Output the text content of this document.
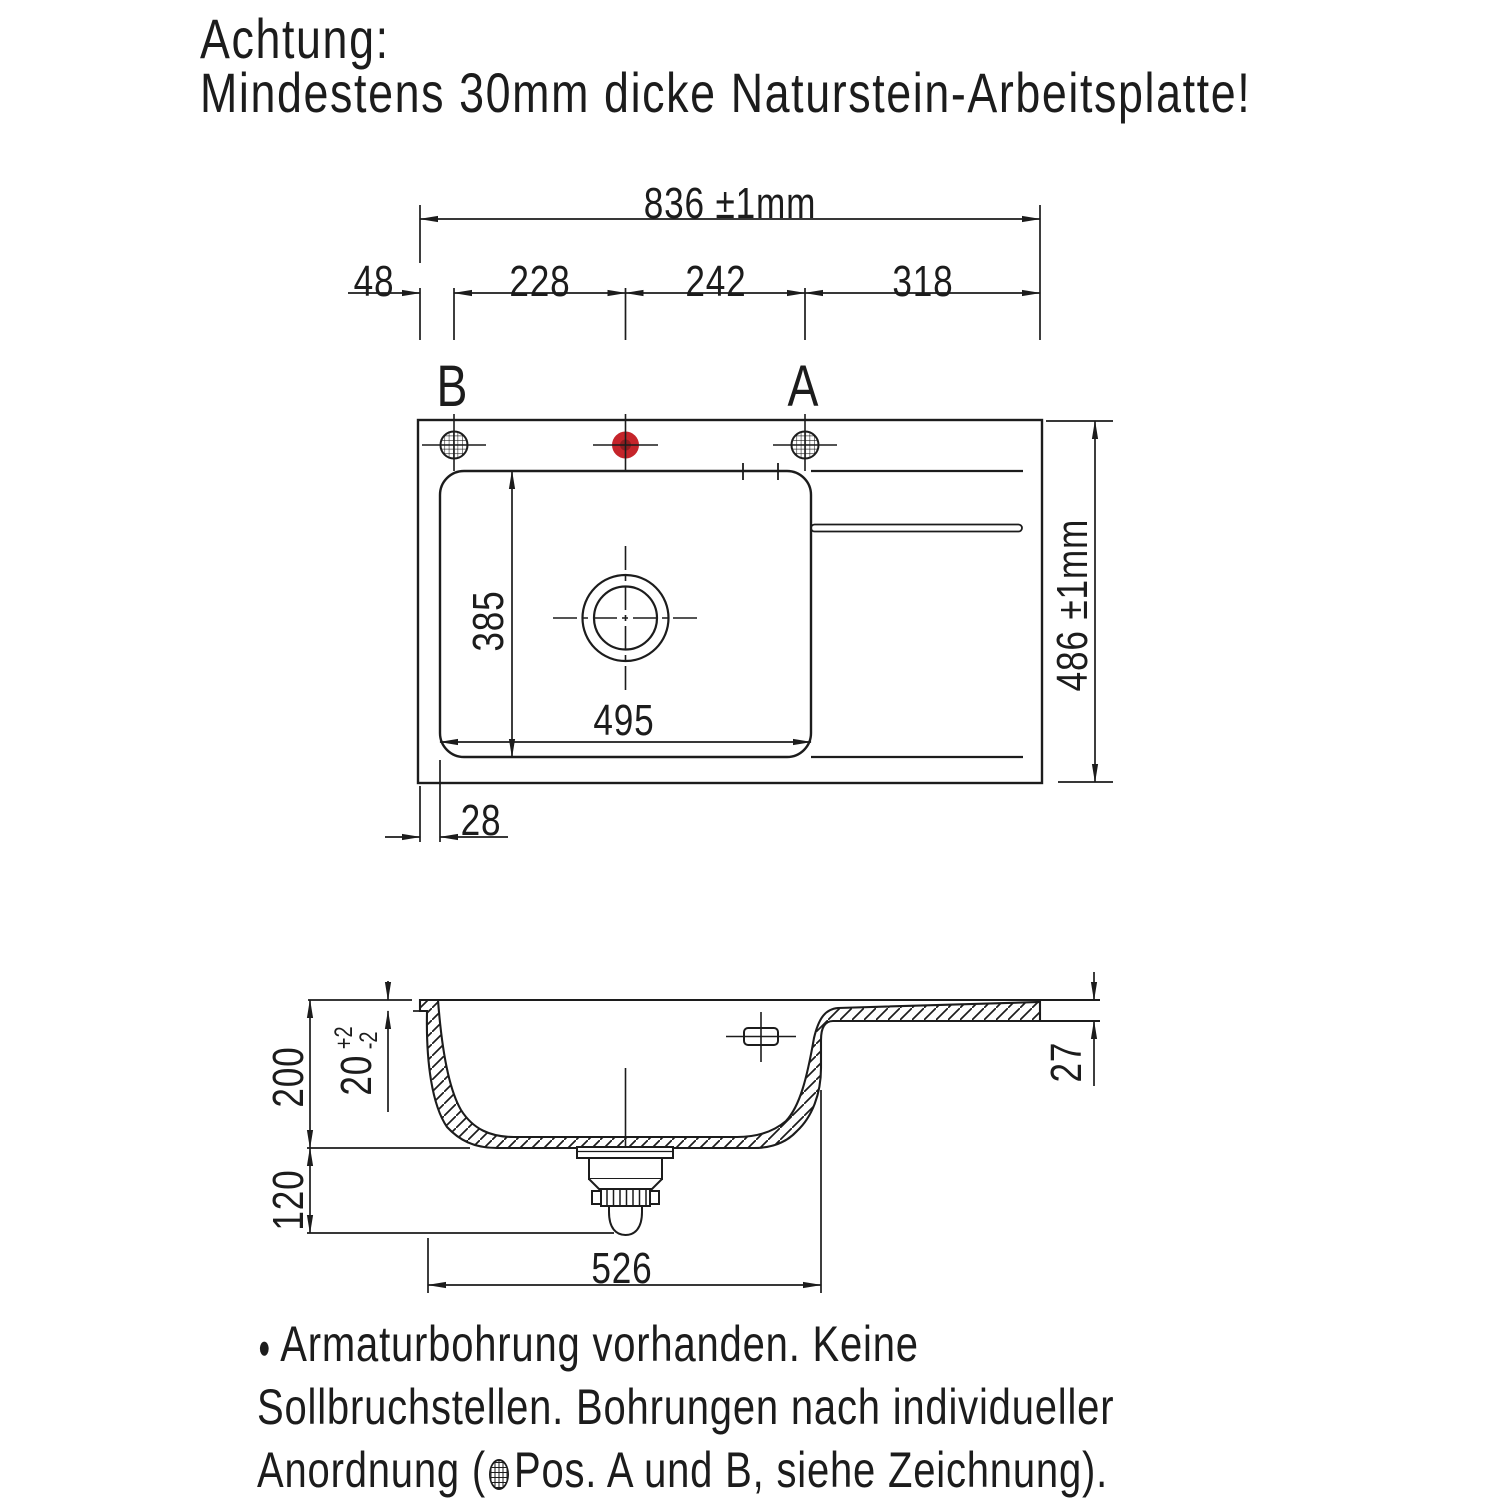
Achtung:
Mindestens 30mm dicke Naturstein-Arbeitsplatte!
836 ±1mm
48	228	242	318
B	A
385
495
486 ±1mm
28
200
120
20
+2
-2
27
526
● Armaturbohrung vorhanden. Keine
Sollbruchstellen. Bohrungen nach individueller
Anordnung ( Pos. A und B, siehe Zeichnung).
